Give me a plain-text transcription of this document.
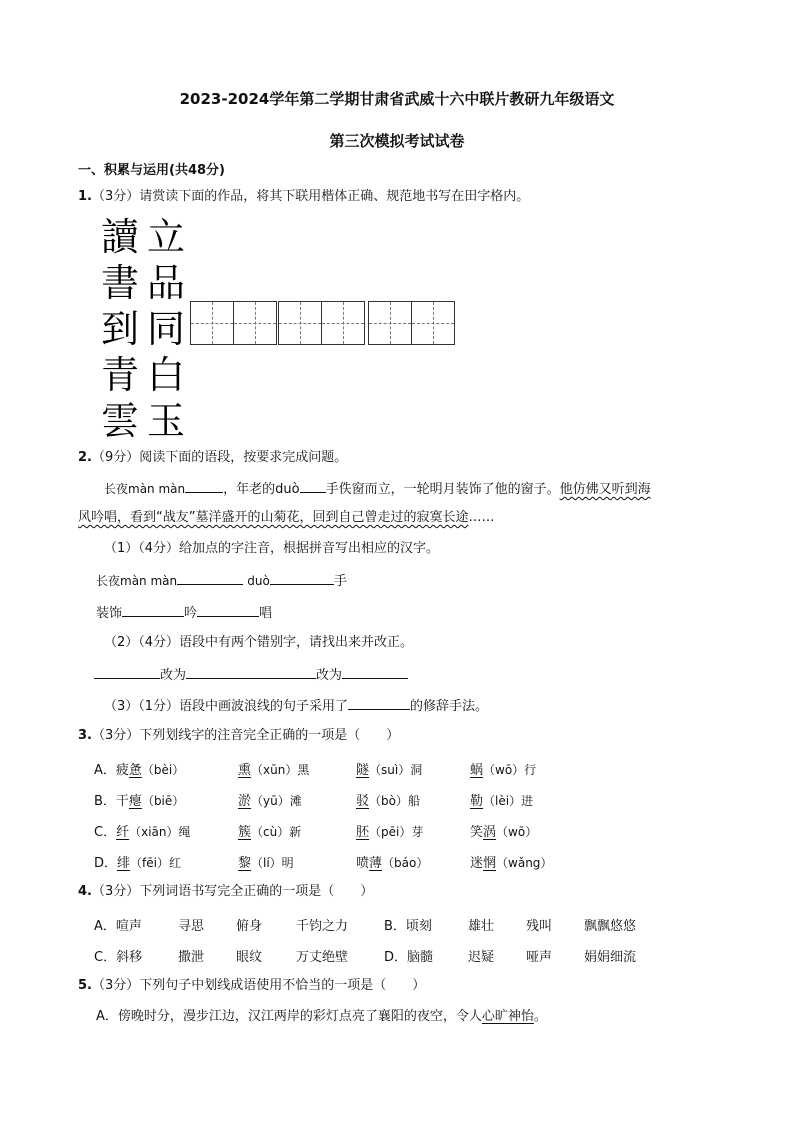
2023-2024学年第二学期甘肃省武威十六中联片教研九年级语文
第三次模拟考试试卷
一、积累与运用(共48分)
1.（3分）请赏读下面的作品，将其下联用楷体正确、规范地书写在田字格内。
讀
書
到
青
雲
立
品
同
白
玉
2.（9分）阅读下面的语段，按要求完成问题。
长夜màn màn	，年老的duò 手佚窗而立，一轮明月装饰了他的窗子。他仿佛又听到海
风吟唱，看到“战友”墓洋盛开的山菊花，回到自己曾走过的寂寞长途……
（1）（4分）给加点的字注音，根据拼音写出相应的汉字。
长夜màn màn	duò	手
装饰	吟	唱
（2）（4分）语段中有两个错别字，请找出来并改正。
改为	改为
（3）（1分）语段中画波浪线的句子采用了	的修辞手法。
3.（3分）下列划线字的注音完全正确的一项是（　　）
A．疲惫（bèi）	熏（xūn）黑	隧（suì）洞	蜗（wō）行
B．干瘪（biē）	淤（yū）滩	驳（bò）船	勒（lèi）进
C．纤（xiān）绳	簇（cù）新	胚（pēi）芽	笑涡（wō）
D．绯（fēi）红	黎（lí）明	喷薄（báo）	迷惘（wǎng）
4.（3分）下列词语书写完全正确的一项是（　　）
A．喧声	寻思 俯身	千钧之力	B．顷刻	雄壮 残叫 飘飘悠悠
C．斜移	撒泄 眼纹	万丈绝壁	D．脑髓	迟疑 哑声 娟娟细流
5.（3分）下列句子中划线成语使用不恰当的一项是（　　）
A．傍晚时分，漫步江边，汉江两岸的彩灯点亮了襄阳的夜空，令人心旷神怡。
